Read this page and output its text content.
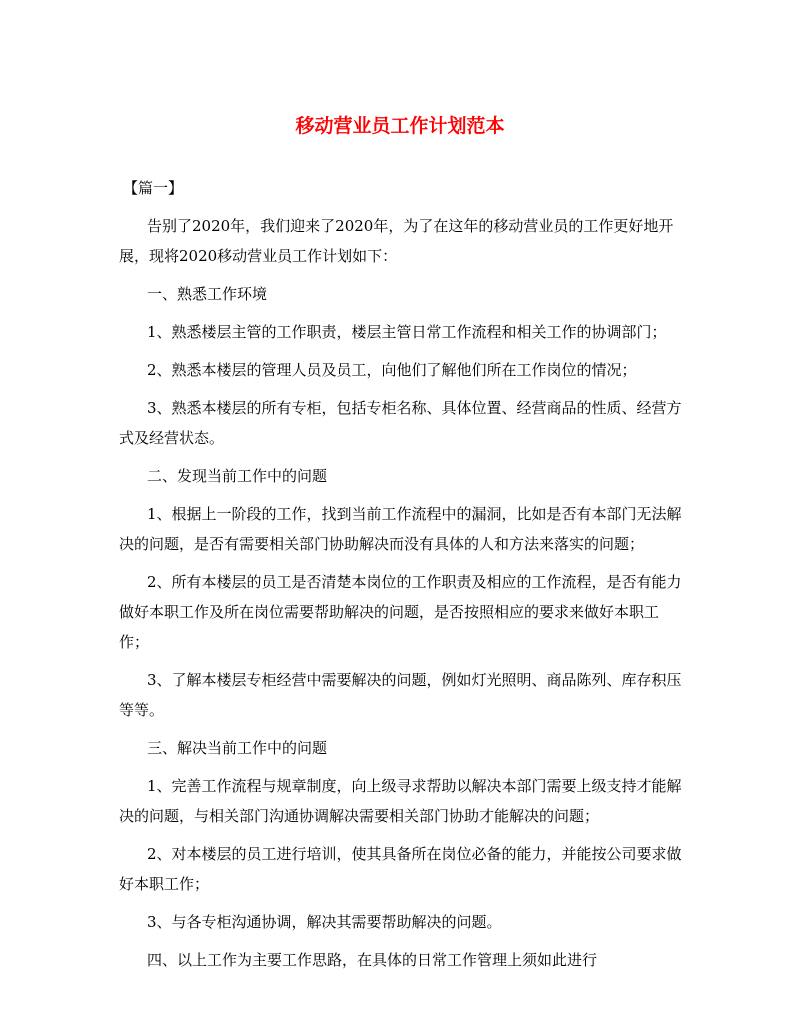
移动营业员工作计划范本

【篇一】

告别了2020年，我们迎来了2020年，为了在这年的移动营业员的工作更好地开展，现将2020移动营业员工作计划如下：

一、熟悉工作环境

1、熟悉楼层主管的工作职责，楼层主管日常工作流程和相关工作的协调部门；

2、熟悉本楼层的管理人员及员工，向他们了解他们所在工作岗位的情况；

3、熟悉本楼层的所有专柜，包括专柜名称、具体位置、经营商品的性质、经营方式及经营状态。

二、发现当前工作中的问题

1、根据上一阶段的工作，找到当前工作流程中的漏洞，比如是否有本部门无法解决的问题，是否有需要相关部门协助解决而没有具体的人和方法来落实的问题；

2、所有本楼层的员工是否清楚本岗位的工作职责及相应的工作流程，是否有能力做好本职工作及所在岗位需要帮助解决的问题，是否按照相应的要求来做好本职工作；

3、了解本楼层专柜经营中需要解决的问题，例如灯光照明、商品陈列、库存积压等等。

三、解决当前工作中的问题

1、完善工作流程与规章制度，向上级寻求帮助以解决本部门需要上级支持才能解决的问题，与相关部门沟通协调解决需要相关部门协助才能解决的问题；

2、对本楼层的员工进行培训，使其具备所在岗位必备的能力，并能按公司要求做好本职工作；

3、与各专柜沟通协调，解决其需要帮助解决的问题。

四、以上工作为主要工作思路，在具体的日常工作管理上须如此进行
